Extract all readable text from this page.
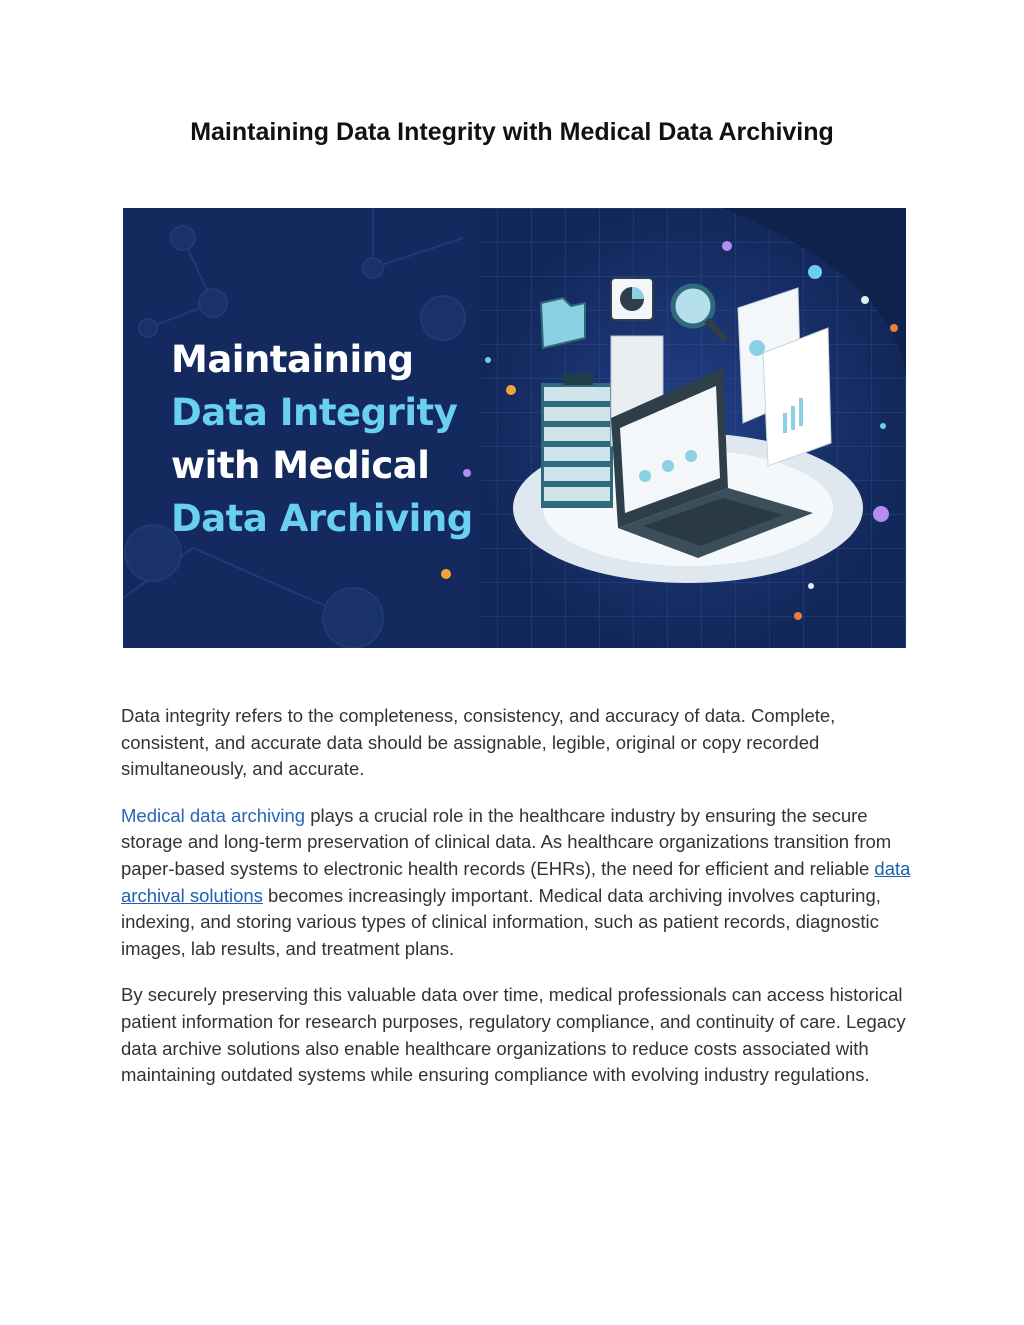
Maintaining Data Integrity with Medical Data Archiving
Maintaining
Data Integrity
with Medical
Data Archiving

Data integrity refers to the completeness, consistency, and accuracy of data. Complete, consistent, and accurate data should be assignable, legible, original or copy recorded simultaneously, and accurate.

Medical data archiving plays a crucial role in the healthcare industry by ensuring the secure storage and long-term preservation of clinical data. As healthcare organizations transition from paper-based systems to electronic health records (EHRs), the need for efficient and reliable data archival solutions becomes increasingly important. Medical data archiving involves capturing, indexing, and storing various types of clinical information, such as patient records, diagnostic images, lab results, and treatment plans.

By securely preserving this valuable data over time, medical professionals can access historical patient information for research purposes, regulatory compliance, and continuity of care. Legacy data archive solutions also enable healthcare organizations to reduce costs associated with maintaining outdated systems while ensuring compliance with evolving industry regulations.
